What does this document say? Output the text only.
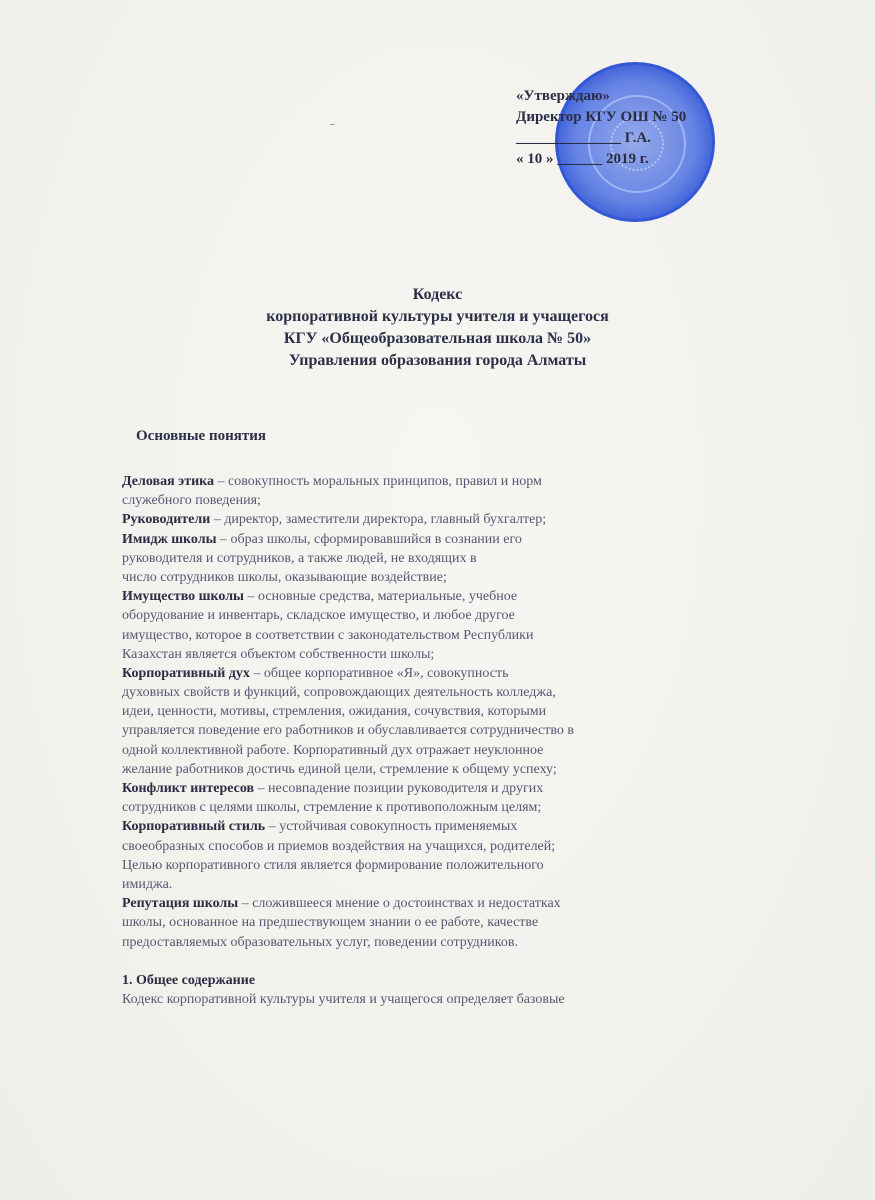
«Утверждаю»
Директор КГУ ОШ № 50
______________ Г.А.
« 10 » ______ 2019 г.
˗
Кодекс
корпоративной культуры учителя и учащегося
КГУ «Общеобразовательная школа № 50»
Управления образования города Алматы
Основные понятия
Деловая этика – совокупность моральных принципов, правил и норм
служебного поведения;
Руководители – директор, заместители директора, главный бухгалтер;
Имидж школы – образ школы, сформировавшийся в сознании его
руководителя и сотрудников, а также людей, не входящих в
число сотрудников школы, оказывающие воздействие;
Имущество школы – основные средства, материальные, учебное
оборудование и инвентарь, складское имущество, и любое другое
имущество, которое в соответствии с законодательством Республики
Казахстан является объектом собственности школы;
Корпоративный дух – общее корпоративное «Я», совокупность
духовных свойств и функций, сопровождающих деятельность колледжа,
идеи, ценности, мотивы, стремления, ожидания, сочувствия, которыми
управляется поведение его работников и обуславливается сотрудничество в
одной коллективной работе. Корпоративный дух отражает неуклонное
желание работников достичь единой цели, стремление к общему успеху;
Конфликт интересов – несовпадение позиции руководителя и других
сотрудников с целями школы, стремление к противоположным целям;
Корпоративный стиль – устойчивая совокупность применяемых
своеобразных способов и приемов воздействия на учащихся, родителей;
Целью корпоративного стиля является формирование положительного
имиджа.
Репутация школы – сложившееся мнение о достоинствах и недостатках
школы, основанное на предшествующем знании о ее работе, качестве
предоставляемых образовательных услуг, поведении сотрудников.
1. Общее содержание
Кодекс корпоративной культуры учителя и учащегося определяет базовые
